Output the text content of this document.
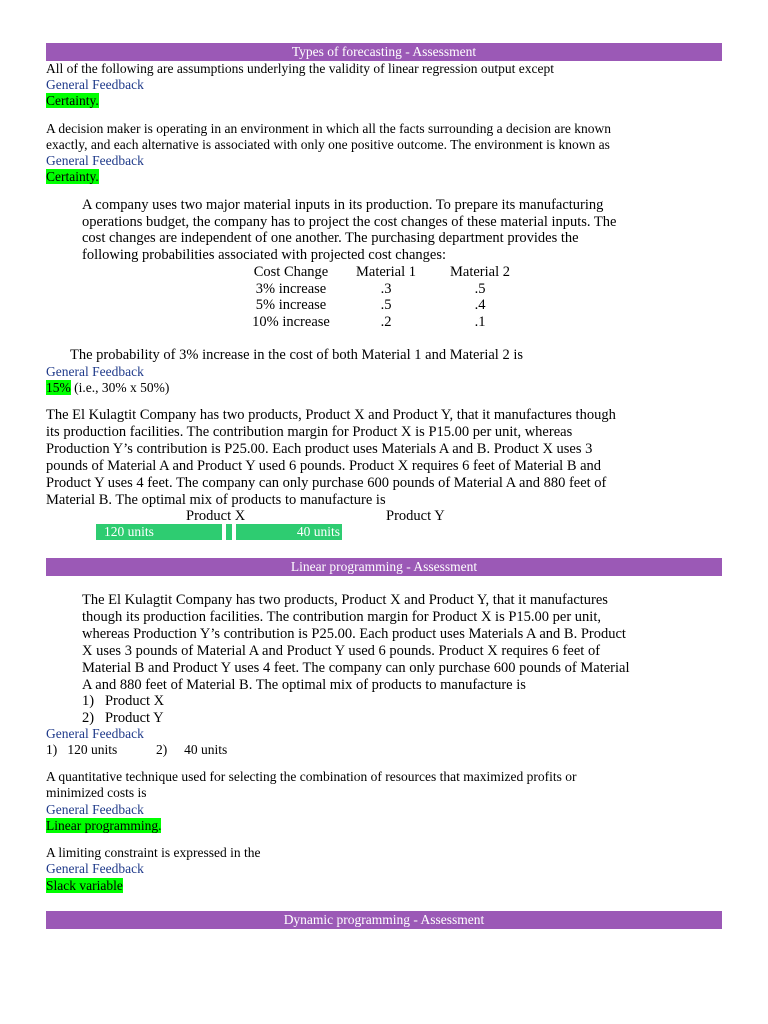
Types of forecasting - Assessment
All of the following are assumptions underlying the validity of linear regression output except
General Feedback
Certainty.
A decision maker is operating in an environment in which all the facts surrounding a decision are known
exactly, and each alternative is associated with only one positive outcome. The environment is known as
General Feedback
Certainty.
A company uses two major material inputs in its production. To prepare its manufacturing
operations budget, the company has to project the cost changes of these material inputs. The
cost changes are independent of one another. The purchasing department provides the
following probabilities associated with projected cost changes:
Cost Change	Material 1	Material 2
3% increase	.3	.5
5% increase	.5	.4
10% increase	.2	.1
The probability of 3% increase in the cost of both Material 1 and Material 2 is
General Feedback
15% (i.e., 30% x 50%)
The El Kulagtit Company has two products, Product X and Product Y, that it manufactures though
its production facilities. The contribution margin for Product X is P15.00 per unit, whereas
Production Y’s contribution is P25.00. Each product uses Materials A and B. Product X uses 3
pounds of Material A and Product Y used 6 pounds. Product X requires 6 feet of Material B and
Product Y uses 4 feet. The company can only purchase 600 pounds of Material A and 880 feet of
Material B. The optimal mix of products to manufacture is
Product X	Product Y
120 units	40 units
Linear programming - Assessment
The El Kulagtit Company has two products, Product X and Product Y, that it manufactures
though its production facilities. The contribution margin for Product X is P15.00 per unit,
whereas Production Y’s contribution is P25.00. Each product uses Materials A and B. Product
X uses 3 pounds of Material A and Product Y used 6 pounds. Product X requires 6 feet of
Material B and Product Y uses 4 feet. The company can only purchase 600 pounds of Material
A and 880 feet of Material B. The optimal mix of products to manufacture is
1)   Product X
2)   Product Y
General Feedback
1)   120 units	2)     40 units
A quantitative technique used for selecting the combination of resources that maximized profits or
minimized costs is
General Feedback
Linear programming.
A limiting constraint is expressed in the
General Feedback
Slack variable
Dynamic programming - Assessment
